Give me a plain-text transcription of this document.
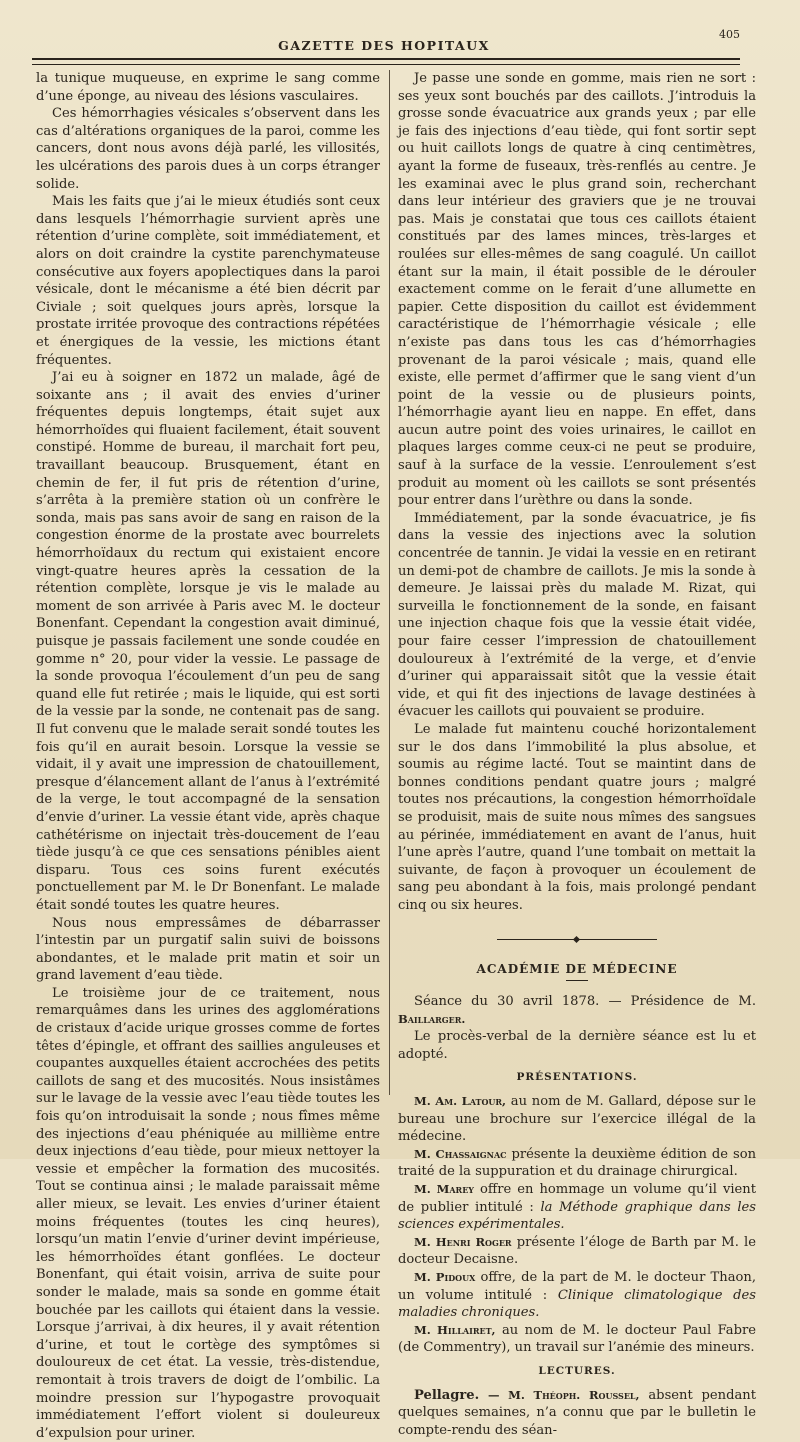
GAZETTE DES HOPITAUX
405

la tunique muqueuse, en exprime le sang comme d’une éponge, au niveau des lésions vasculaires.

Ces hémorrhagies vésicales s’observent dans les cas d’altérations organiques de la paroi, comme les cancers, dont nous avons déjà parlé, les villosités, les ulcérations des parois dues à un corps étranger solide.

Mais les faits que j’ai le mieux étudiés sont ceux dans lesquels l’hémorrhagie survient après une rétention d’urine complète, soit immédiatement, et alors on doit craindre la cystite parenchymateuse consécutive aux foyers apoplectiques dans la paroi vésicale, dont le mécanisme a été bien décrit par Civiale ; soit quelques jours après, lorsque la prostate irritée provoque des contractions répétées et énergiques de la vessie, les mictions étant fréquentes.

J’ai eu à soigner en 1872 un malade, âgé de soixante ans ; il avait des envies d’uriner fréquentes depuis longtemps, était sujet aux hémorrhoïdes qui fluaient facilement, était souvent constipé. Homme de bureau, il marchait fort peu, travaillant beaucoup. Brusquement, étant en chemin de fer, il fut pris de rétention d’urine, s’arrêta à la première station où un confrère le sonda, mais pas sans avoir de sang en raison de la congestion énorme de la prostate avec bourrelets hémorrhoïdaux du rectum qui existaient encore vingt-quatre heures après la cessation de la rétention complète, lorsque je vis le malade au moment de son arrivée à Paris avec M. le docteur Bonenfant. Cependant la congestion avait diminué, puisque je passais facilement une sonde coudée en gomme n° 20, pour vider la vessie. Le passage de la sonde provoqua l’écoulement d’un peu de sang quand elle fut retirée ; mais le liquide, qui est sorti de la vessie par la sonde, ne contenait pas de sang. Il fut convenu que le malade serait sondé toutes les fois qu’il en aurait besoin. Lorsque la vessie se vidait, il y avait une impression de chatouillement, presque d’élancement allant de l’anus à l’extrémité de la verge, le tout accompagné de la sensation d’envie d’uriner. La vessie étant vide, après chaque cathétérisme on injectait très-doucement de l’eau tiède jusqu’à ce que ces sensations pénibles aient disparu. Tous ces soins furent exécutés ponctuellement par M. le Dr Bonenfant. Le malade était sondé toutes les quatre heures.

Nous nous empressâmes de débarrasser l’intestin par un purgatif salin suivi de boissons abondantes, et le malade prit matin et soir un grand lavement d’eau tiède.

Le troisième jour de ce traitement, nous remarquâmes dans les urines des agglomérations de cristaux d’acide urique grosses comme de fortes têtes d’épingle, et offrant des saillies anguleuses et coupantes auxquelles étaient accrochées des petits caillots de sang et des mucosités. Nous insistâmes sur le lavage de la vessie avec l’eau tiède toutes les fois qu’on introduisait la sonde ; nous fîmes même des injections d’eau phéniquée au millième entre deux injections d’eau tiède, pour mieux nettoyer la vessie et empêcher la formation des mucosités. Tout se continua ainsi ; le malade paraissait même aller mieux, se levait. Les envies d’uriner étaient moins fréquentes (toutes les cinq heures), lorsqu’un matin l’envie d’uriner devint impérieuse, les hémorrhoïdes étant gonflées. Le docteur Bonenfant, qui était voisin, arriva de suite pour sonder le malade, mais sa sonde en gomme était bouchée par les caillots qui étaient dans la vessie. Lorsque j’arrivai, à dix heures, il y avait rétention d’urine, et tout le cortège des symptômes si douloureux de cet état. La vessie, très-distendue, remontait à trois travers de doigt de l’ombilic. La moindre pression sur l’hypogastre provoquait immédiatement l’effort violent si douleureux d’expulsion pour uriner.

Je passe une sonde en gomme, mais rien ne sort : ses yeux sont bouchés par des caillots. J’introduis la grosse sonde évacuatrice aux grands yeux ; par elle je fais des injections d’eau tiède, qui font sortir sept ou huit caillots longs de quatre à cinq centimètres, ayant la forme de fuseaux, très-renflés au centre. Je les examinai avec le plus grand soin, recherchant dans leur intérieur des graviers que je ne trouvai pas. Mais je constatai que tous ces caillots étaient constitués par des lames minces, très-larges et roulées sur elles-mêmes de sang coagulé. Un caillot étant sur la main, il était possible de le dérouler exactement comme on le ferait d’une allumette en papier. Cette disposition du caillot est évidemment caractéristique de l’hémorrhagie vésicale ; elle n’existe pas dans tous les cas d’hémorrhagies provenant de la paroi vésicale ; mais, quand elle existe, elle permet d’affirmer que le sang vient d’un point de la vessie ou de plusieurs points, l’hémorrhagie ayant lieu en nappe. En effet, dans aucun autre point des voies urinaires, le caillot en plaques larges comme ceux-ci ne peut se produire, sauf à la surface de la vessie. L’enroulement s’est produit au moment où les caillots se sont présentés pour entrer dans l’urèthre ou dans la sonde.

Immédiatement, par la sonde évacuatrice, je fis dans la vessie des injections avec la solution concentrée de tannin. Je vidai la vessie en en retirant un demi-pot de chambre de caillots. Je mis la sonde à demeure. Je laissai près du malade M. Rizat, qui surveilla le fonctionnement de la sonde, en faisant une injection chaque fois que la vessie était vidée, pour faire cesser l’impression de chatouillement douloureux à l’extrémité de la verge, et d’envie d’uriner qui apparaissait sitôt que la vessie était vide, et qui fit des injections de lavage destinées à évacuer les caillots qui pouvaient se produire.

Le malade fut maintenu couché horizontalement sur le dos dans l’immobilité la plus absolue, et soumis au régime lacté. Tout se maintint dans de bonnes conditions pendant quatre jours ; malgré toutes nos précautions, la congestion hémorrhoïdale se produisit, mais de suite nous mîmes des sangsues au périnée, immédiatement en avant de l’anus, huit l’une après l’autre, quand l’une tombait on mettait la suivante, de façon à provoquer un écoulement de sang peu abondant à la fois, mais prolongé pendant cinq ou six heures.

ACADÉMIE DE MÉDECINE

Séance du 30 avril 1878. — Présidence de M. Baillarger.

Le procès-verbal de la dernière séance est lu et adopté.

PRÉSENTATIONS.

M. Am. Latour, au nom de M. Gallard, dépose sur le bureau une brochure sur l’exercice illégal de la médecine.

M. Chassaignac présente la deuxième édition de son traité de la suppuration et du drainage chirurgical.

M. Marey offre en hommage un volume qu’il vient de publier intitulé : la Méthode graphique dans les sciences expérimentales.

M. Henri Roger présente l’éloge de Barth par M. le docteur Decaisne.

M. Pidoux offre, de la part de M. le docteur Thaon, un volume intitulé : Clinique climatologique des maladies chroniques.

M. Hillairet, au nom de M. le docteur Paul Fabre (de Commentry), un travail sur l’anémie des mineurs.

LECTURES.

Pellagre. — M. Théoph. Roussel, absent pendant quelques semaines, n’a connu que par le bulletin le compte-rendu des séan-
